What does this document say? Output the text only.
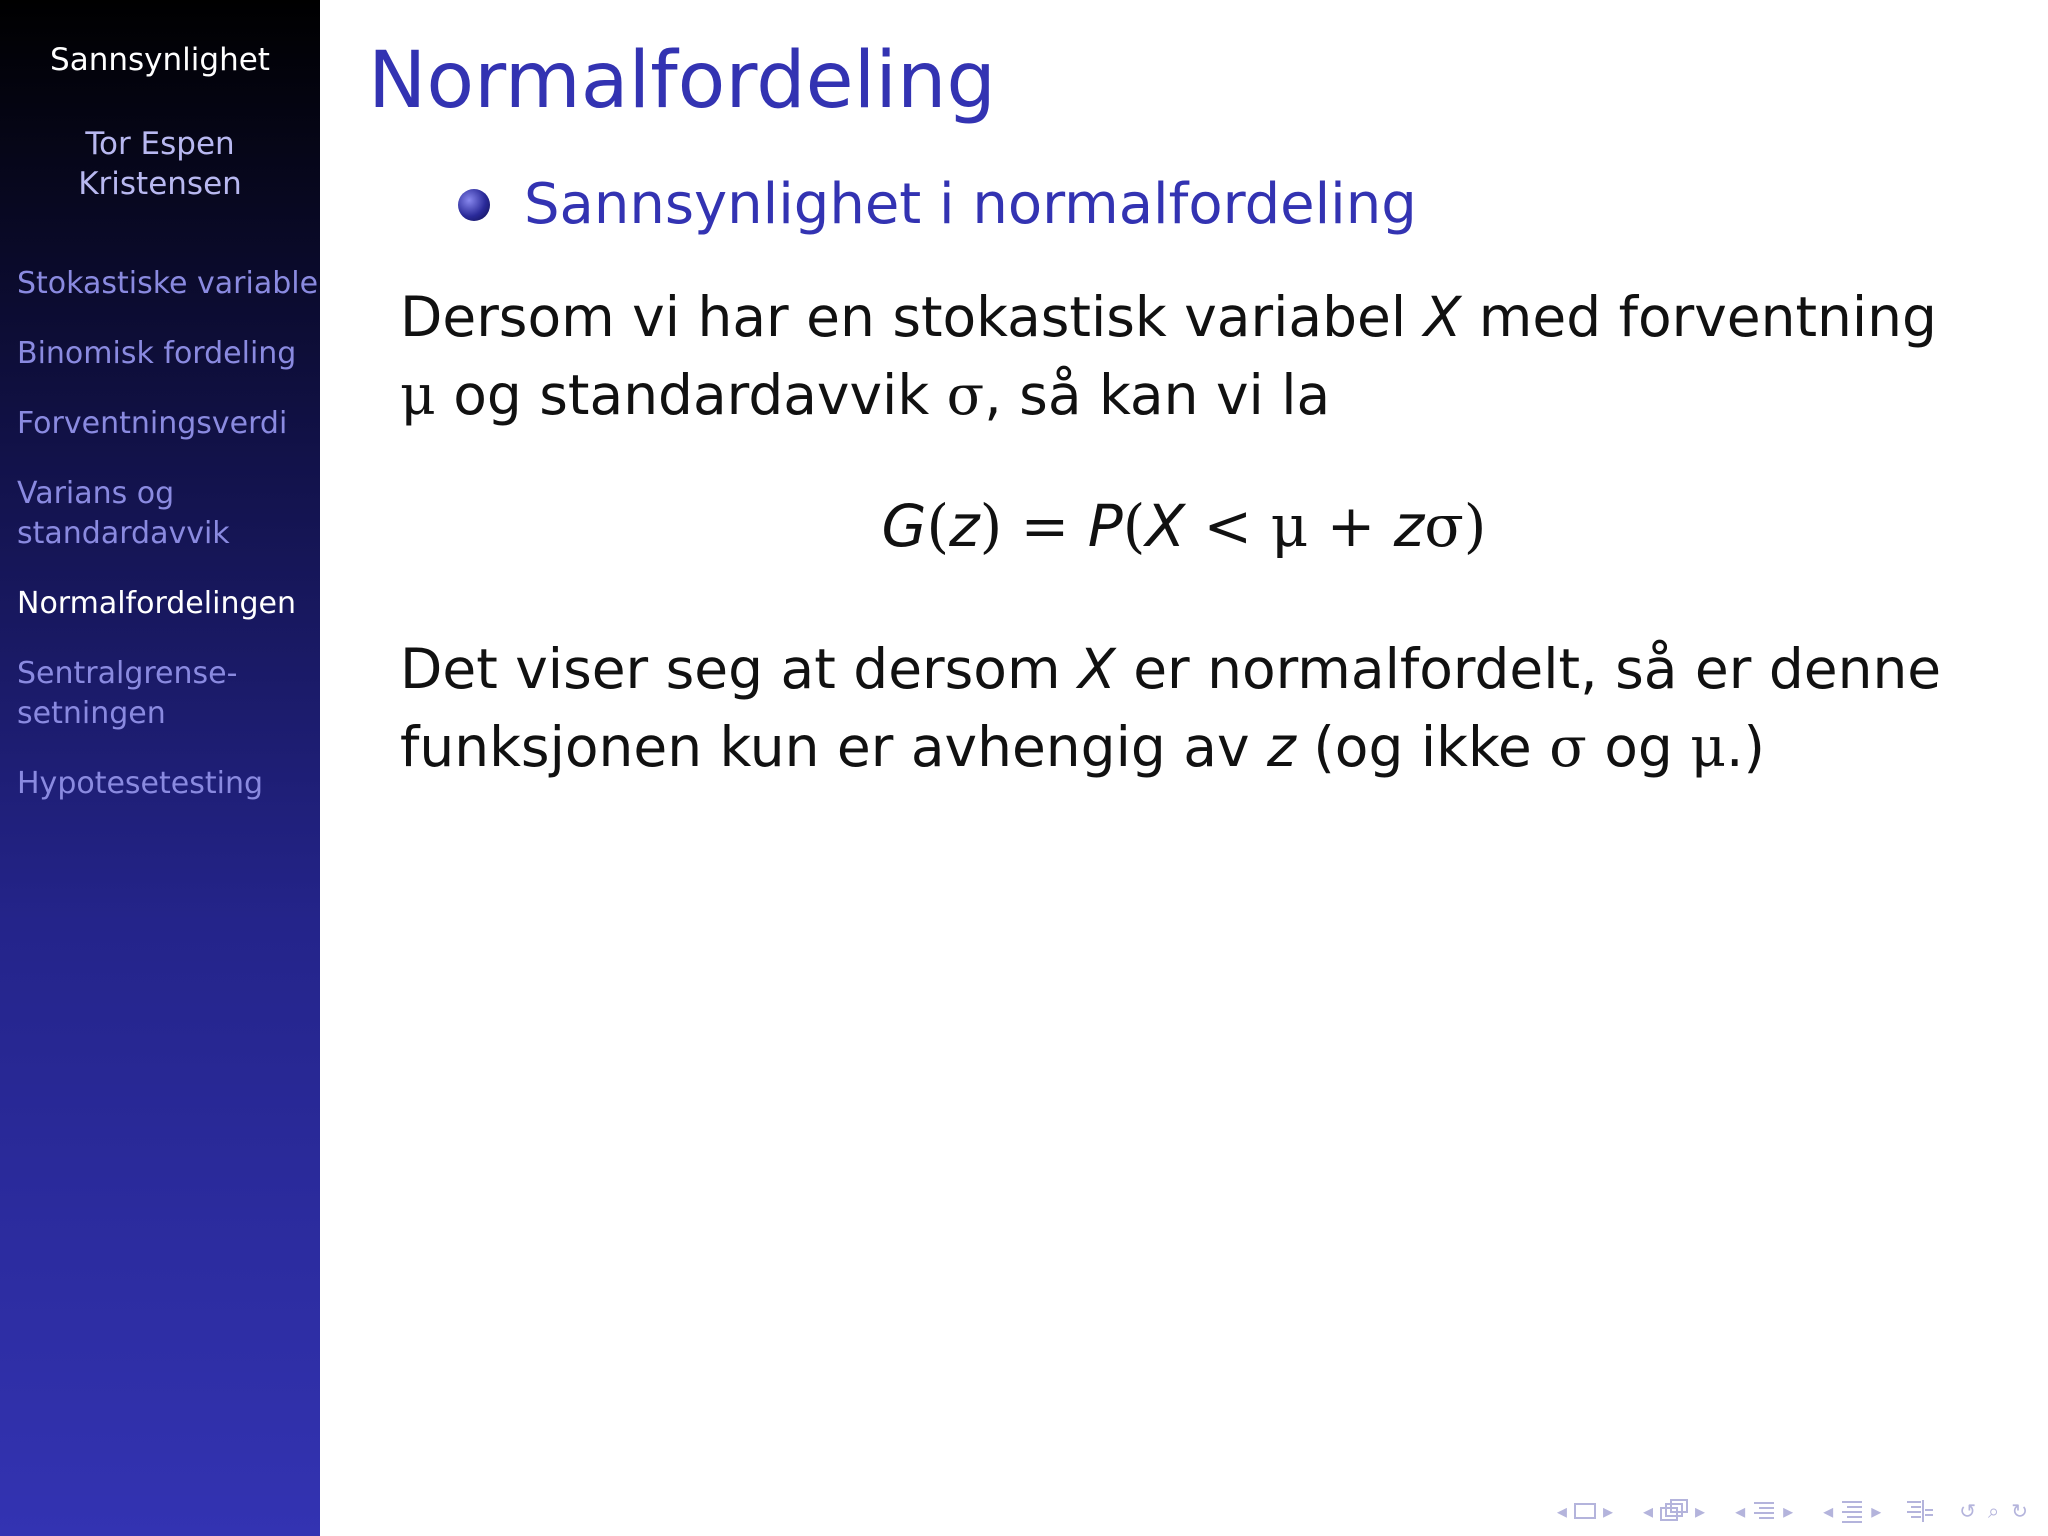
Sannsynlighet
Tor Espen
Kristensen
Stokastiske variable
Binomisk fordeling
Forventningsverdi
Varians og
standardavvik
Normalfordelingen
Sentralgrense-
setningen
Hypotesetesting
Normalfordeling
Sannsynlighet i normalfordeling
Dersom vi har en stokastisk variabel X med forventning μ og standardavvik σ, så kan vi la
G(z) = P(X < μ + zσ)
Det viser seg at dersom X er normalfordelt, så er denne funksjonen kun er avhengig av z (og ikke σ og μ.)
◂	▸	◂	▸	◂	▸	◂	▸	↺ ⌕ ↻
